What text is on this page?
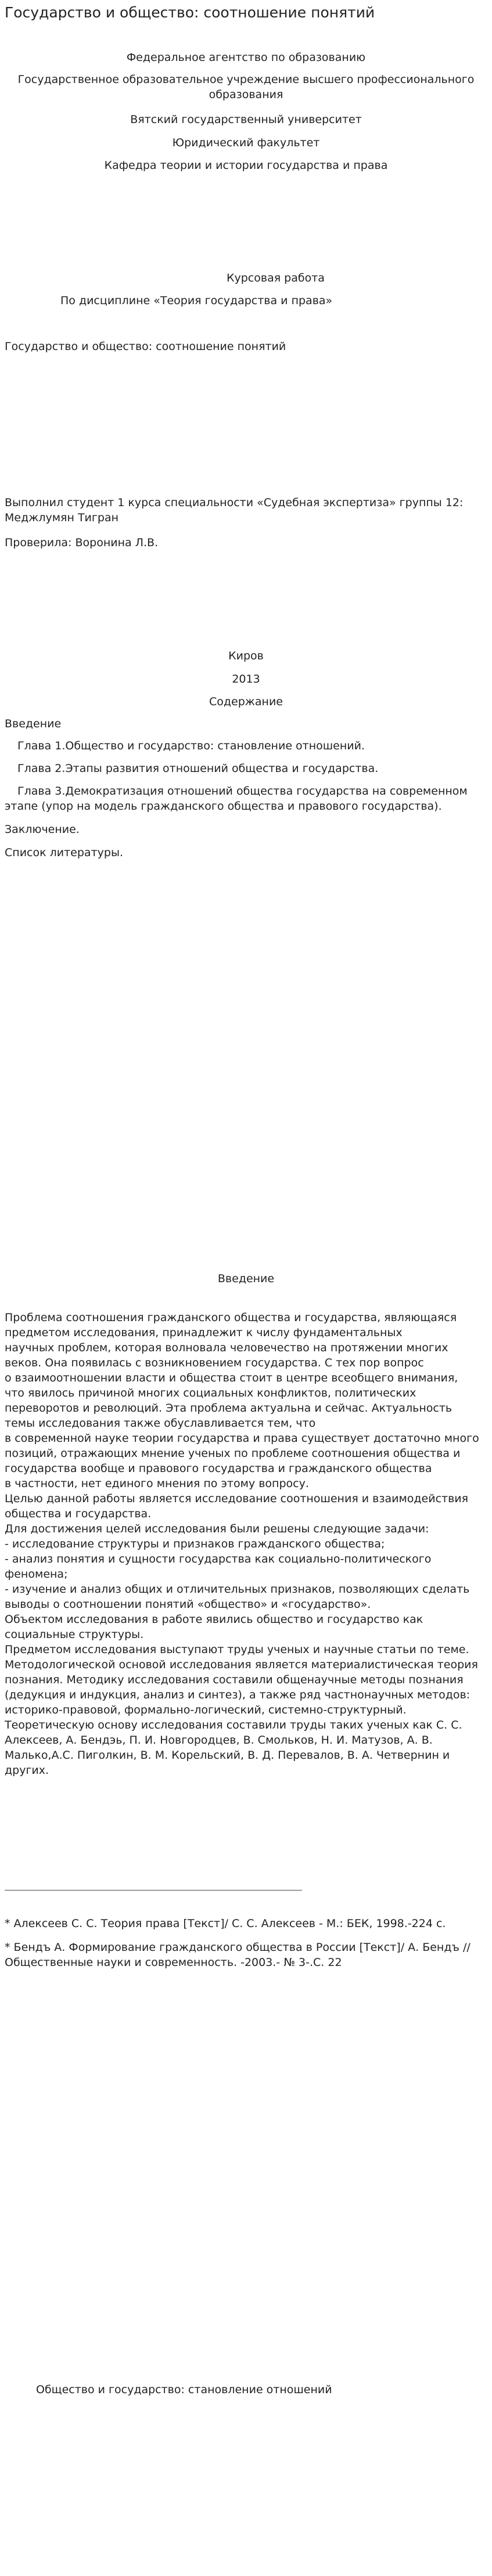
Государство и общество: соотношение понятий
Федеральное агентство по образованию
Государственное образовательное учреждение высшего профессионального
образования
Вятский государственный университет
Юридический факультет
Кафедра теории и истории государства и права
Курсовая работа
По дисциплине «Теория государства и права»
Государство и общество: соотношение понятий
Выполнил студент 1 курса специальности «Судебная экспертиза» группы 12:
Меджлумян Тигран
Проверила: Воронина Л.В.
Киров
2013
Содержание
Введение
Глава 1.Общество и государство: становление отношений.
Глава 2.Этапы развития отношений общества и государства.
Глава 3.Демократизация отношений общества государства на современном этапе (упор на модель гражданского общества и правового государства).
Заключение.
Список литературы.
Введение

Проблема соотношения гражданского общества и государства, являющаяся

предметом исследования, принадлежит к числу фундаментальных

научных проблем, которая волновала человечество на протяжении многих

веков. Она появилась с возникновением государства. С тех пор вопрос

о взаимоотношении власти и общества стоит в центре всеобщего внимания,

что явилось причиной многих социальных конфликтов, политических

переворотов и революций. Эта проблема актуальна и сейчас. Актуальность

темы исследования также обуславливается тем, что

в современной науке теории государства и права существует достаточно много

позиций, отражающих мнение ученых по проблеме соотношения общества и

государства вообще и правового государства и гражданского общества

в частности, нет единого мнения по этому вопросу.

Целью данной работы является исследование соотношения и взаимодействия

общества и государства.

Для достижения целей исследования были решены следующие задачи:

- исследование структуры и признаков гражданского общества;

- анализ понятия и сущности государства как социально-политического

феномена;

- изучение и анализ общих и отличительных признаков, позволяющих сделать

выводы о соотношении понятий «общество» и «государство».

Объектом исследования в работе явились общество и государство как

социальные структуры.

Предметом исследования выступают труды ученых и научные статьи по теме.

Методологической основой исследования является материалистическая теория

познания. Методику исследования составили общенаучные методы познания

(дедукция и индукция, анализ и синтез), а также ряд частнонаучных методов:

историко-правовой, формально-логический, системно-структурный.

Теоретическую основу исследования составили труды таких ученых как С. С.

Алексеев, А. Бендэь, П. И. Новгородцев, В. Смольков, Н. И. Матузов, А. В.

Малько,А.С. Пиголкин, В. М. Корельский, В. Д. Перевалов, В. А. Четвернин и

других.

* Алексеев С. С. Теория права [Текст]/ С. С. Алексеев - М.: БЕК, 1998.-224 с.
* Бендъ А. Формирование гражданского общества в России [Текст]/ А. Бендъ //
Общественные науки и современность. -2003.- № 3-.С. 22
Общество и государство: становление отношений
